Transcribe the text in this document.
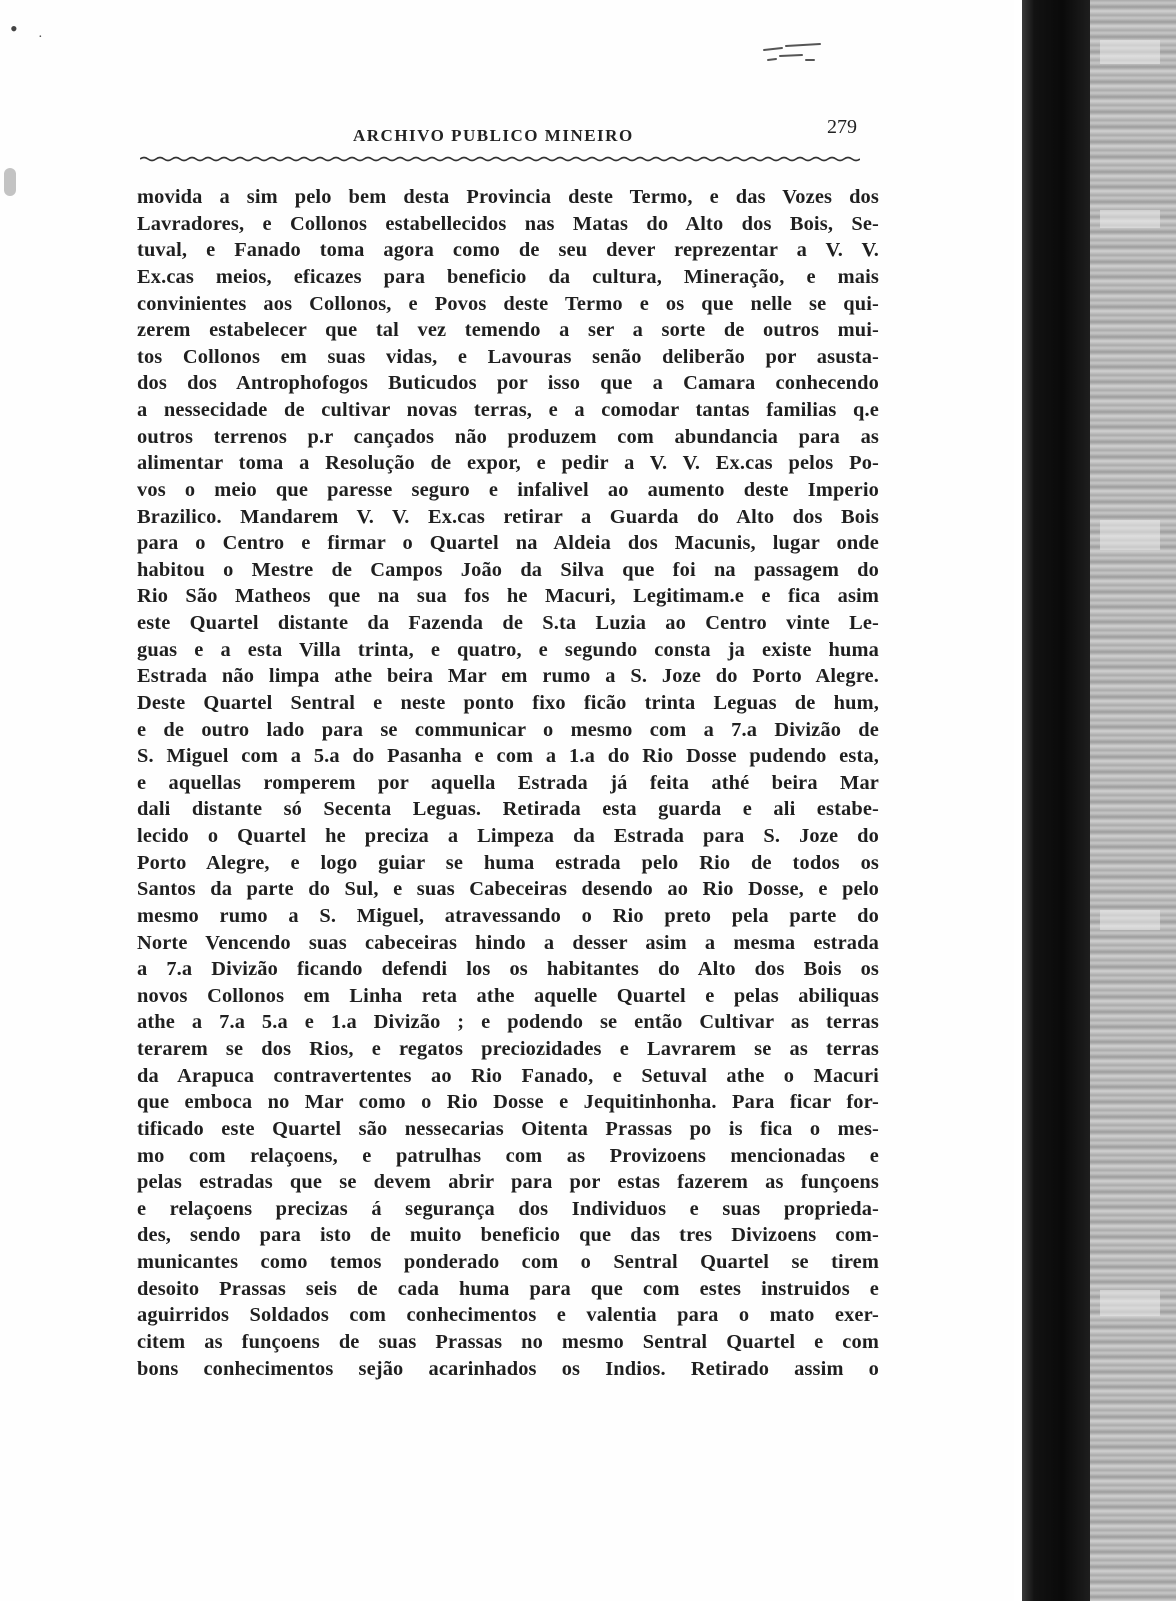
• ·
ARCHIVO PUBLICO MINEIRO	279
movida a sim pelo bem desta Provincia deste Termo, e das Vozes dos
Lavradores, e Collonos estabellecidos nas Matas do Alto dos Bois, Se-
tuval, e Fanado toma agora como de seu dever reprezentar a V. V.
Ex.cas meios, eficazes para beneficio da cultura, Mineração, e mais
convinientes aos Collonos, e Povos deste Termo e os que nelle se qui-
zerem estabelecer que tal vez temendo a ser a sorte de outros mui-
tos Collonos em suas vidas, e Lavouras senão deliberão por asusta-
dos dos Antrophofogos Buticudos por isso que a Camara conhecendo
a nessecidade de cultivar novas terras, e a comodar tantas familias q.e
outros terrenos p.r cançados não produzem com abundancia para as
alimentar toma a Resolução de expor, e pedir a V. V. Ex.cas pelos Po-
vos o meio que paresse seguro e infalivel ao aumento deste Imperio
Brazilico. Mandarem V. V. Ex.cas retirar a Guarda do Alto dos Bois
para o Centro e firmar o Quartel na Aldeia dos Macunis, lugar onde
habitou o Mestre de Campos João da Silva que foi na passagem do
Rio São Matheos que na sua fos he Macuri, Legitimam.e e fica asim
este Quartel distante da Fazenda de S.ta Luzia ao Centro vinte Le-
guas e a esta Villa trinta, e quatro, e segundo consta ja existe huma
Estrada não limpa athe beira Mar em rumo a S. Joze do Porto Alegre.
Deste Quartel Sentral e neste ponto fixo ficão trinta Leguas de hum,
e de outro lado para se communicar o mesmo com a 7.a Divizão de
S. Miguel com a 5.a do Pasanha e com a 1.a do Rio Dosse pudendo esta,
e aquellas romperem por aquella Estrada já feita athé beira Mar
dali distante só Secenta Leguas. Retirada esta guarda e ali estabe-
lecido o Quartel he preciza a Limpeza da Estrada para S. Joze do
Porto Alegre, e logo guiar se huma estrada pelo Rio de todos os
Santos da parte do Sul, e suas Cabeceiras desendo ao Rio Dosse, e pelo
mesmo rumo a S. Miguel, atravessando o Rio preto pela parte do
Norte Vencendo suas cabeceiras hindo a desser asim a mesma estrada
a 7.a Divizão ficando defendi los os habitantes do Alto dos Bois os
novos Collonos em Linha reta athe aquelle Quartel e pelas abiliquas
athe a 7.a 5.a e 1.a Divizão ; e podendo se então Cultivar as terras
terarem se dos Rios, e regatos preciozidades e Lavrarem se as terras
da Arapuca contravertentes ao Rio Fanado, e Setuval athe o Macuri
que emboca no Mar como o Rio Dosse e Jequitinhonha. Para ficar for-
tificado este Quartel são nessecarias Oitenta Prassas po is fica o mes-
mo com relaçoens, e patrulhas com as Provizoens mencionadas e
pelas estradas que se devem abrir para por estas fazerem as funçoens
e relaçoens precizas á segurança dos Individuos e suas proprieda-
des, sendo para isto de muito beneficio que das tres Divizoens com-
municantes como temos ponderado com o Sentral Quartel se tirem
desoito Prassas seis de cada huma para que com estes instruidos e
aguirridos Soldados com conhecimentos e valentia para o mato exer-
citem as funçoens de suas Prassas no mesmo Sentral Quartel e com
bons conhecimentos sejão acarinhados os Indios. Retirado assim o
